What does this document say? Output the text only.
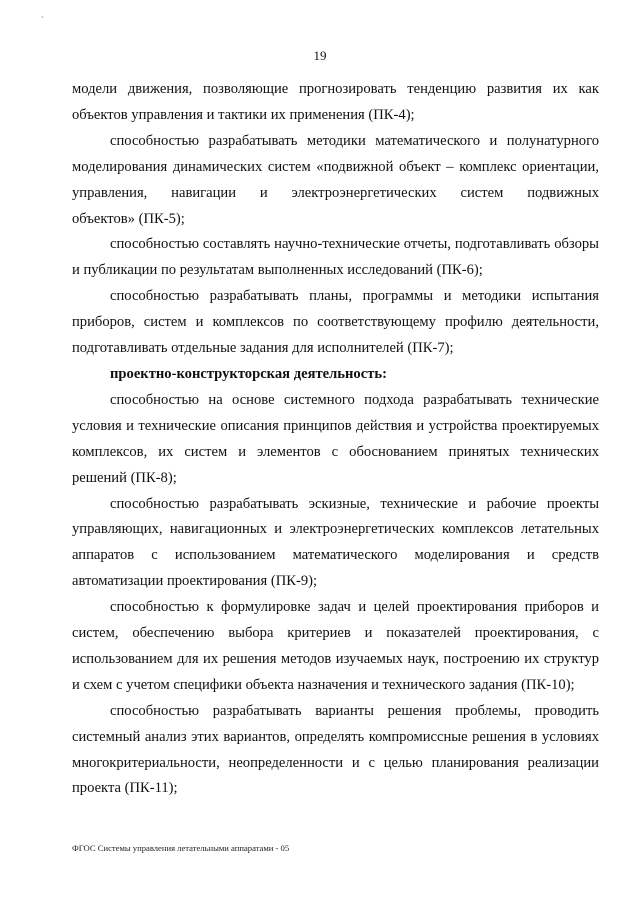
`
19
модели движения, позволяющие прогнозировать тенденцию развития их как
объектов управления и тактики их применения (ПК-4);
способностью разрабатывать методики математического и полунатурного
моделирования динамических систем «подвижной объект – комплекс ориентации,
управления, навигации и электроэнергетических систем подвижных
объектов» (ПК-5);
способностью составлять научно-технические отчеты, подготавливать обзоры
и публикации по результатам выполненных исследований (ПК-6);
способностью разрабатывать планы, программы и методики испытания
приборов, систем и комплексов по соответствующему профилю деятельности,
подготавливать отдельные задания для исполнителей (ПК-7);
проектно-конструкторская деятельность:
способностью на основе системного подхода разрабатывать технические
условия и технические описания принципов действия и устройства проектируемых
комплексов, их систем и элементов с обоснованием принятых технических
решений (ПК-8);
способностью разрабатывать эскизные, технические и рабочие проекты
управляющих, навигационных и электроэнергетических комплексов летательных
аппаратов с использованием математического моделирования и средств
автоматизации проектирования (ПК-9);
способностью к формулировке задач и целей проектирования приборов и
систем, обеспечению выбора критериев и показателей проектирования, с
использованием для их решения методов изучаемых наук, построению их структур
и схем с учетом специфики объекта назначения и технического задания (ПК-10);
способностью разрабатывать варианты решения проблемы, проводить
системный анализ этих вариантов, определять компромиссные решения в условиях
многокритериальности, неопределенности и с целью планирования реализации
проекта (ПК-11);
ФГОС Системы управления летательными аппаратами - 05
